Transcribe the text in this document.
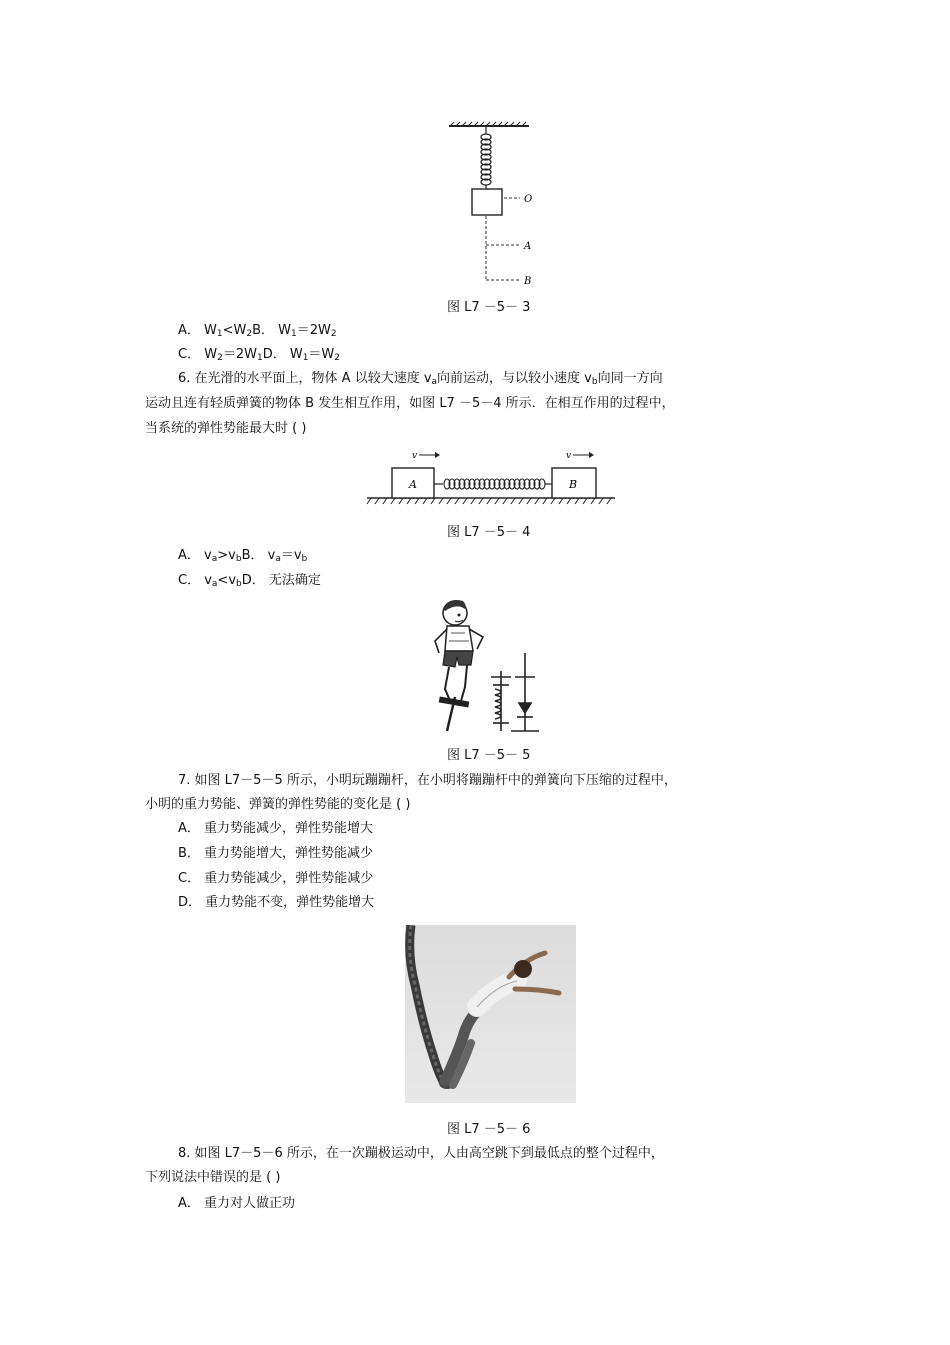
O
A
B
图 L7 －5－ 3
A． $W_1<W_2B$． $W_1=2W_2$
C． $W_2=2W_1D$． $W_1=W_2$
6. 在光滑的水平面上，物体 A 以较大速度 $v_a$向前运动，与以较小速度 $v_b$向同一方向
运动且连有轻质弹簧的物体 B 发生相互作用，如图 L7 －5－4 所示．在相互作用的过程中，
当系统的弹性势能最大时 ( )
A	B
v	v
图 L7 －5－ 4
A． $v_a>v_bB$． $v_a=v_b$
C． $v_a<v_bD$． 无法确定
图 L7 －5－ 5
7. 如图 L7－5－5 所示，小明玩蹦蹦杆，在小明将蹦蹦杆中的弹簧向下压缩的过程中，
小明的重力势能、弹簧的弹性势能的变化是 ( )
A． 重力势能减少，弹性势能增大
B． 重力势能增大，弹性势能减少
C． 重力势能减少，弹性势能减少
D． 重力势能不变，弹性势能增大
图 L7 －5－ 6
8. 如图 L7－5－6 所示，在一次蹦极运动中，人由高空跳下到最低点的整个过程中，
下列说法中错误的是 ( )
A． 重力对人做正功
